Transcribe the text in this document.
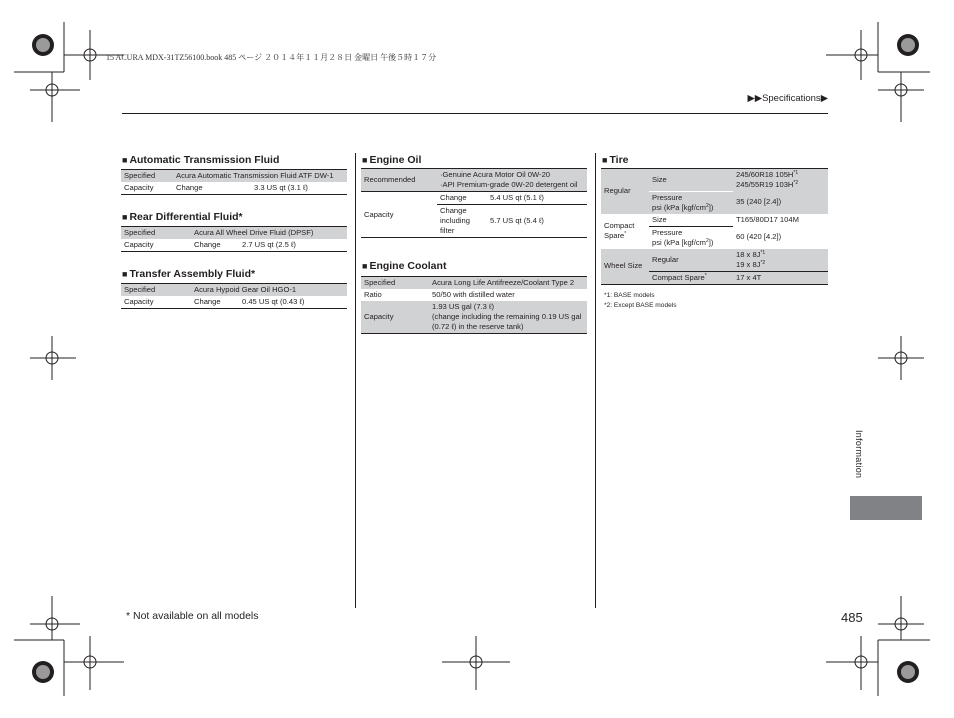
15 ACURA MDX-31TZ56100.book 485 ページ ２０１４年１１月２８日 金曜日 午後５時１７分
▶▶Specifications▶
■ Automatic Transmission Fluid
Specified	Acura Automatic Transmission Fluid ATF DW-1	
Capacity	Change	3.3 US qt (3.1 ℓ)
■ Rear Differential Fluid*
Specified	Acura All Wheel Drive Fluid (DPSF)	
Capacity	Change	2.7 US qt (2.5 ℓ)
■ Transfer Assembly Fluid*
Specified	Acura Hypoid Gear Oil HGO-1	
Capacity	Change	0.45 US qt (0.43 ℓ)
■ Engine Oil
Recommended	·Genuine Acura Motor Oil 0W-20
·API Premium-grade 0W-20 detergent oil	

Capacity	Change	5.4 US qt (5.1 ℓ)

	Change
including
filter	5.7 US qt (5.4 ℓ)
■ Engine Coolant
Specified	Acura Long Life Antifreeze/Coolant Type 2
Ratio	50/50 with distilled water
Capacity	1.93 US gal (7.3 ℓ)
(change including the remaining 0.19 US gal
(0.72 ℓ) in the reserve tank)
■ Tire
Regular	Size	245/60R18 $105H^{*1}$
245/55R19 $103H^{*2}$

	Pressure
psi (kPa $[kgf/cm^2]$)	35 (240 [2.4])

Compact
Spare*	Size	T165/80D17 104M

	Pressure
psi (kPa $[kgf/cm^2]$)	60 (420 [4.2])
Wheel Size	Regular	18 x $8J^{*1}$
19 x $8J^{*2}$

	Compact Spare*	17 x 4T
*1: BASE models
*2: Except BASE models
Information
* Not available on all models	485
